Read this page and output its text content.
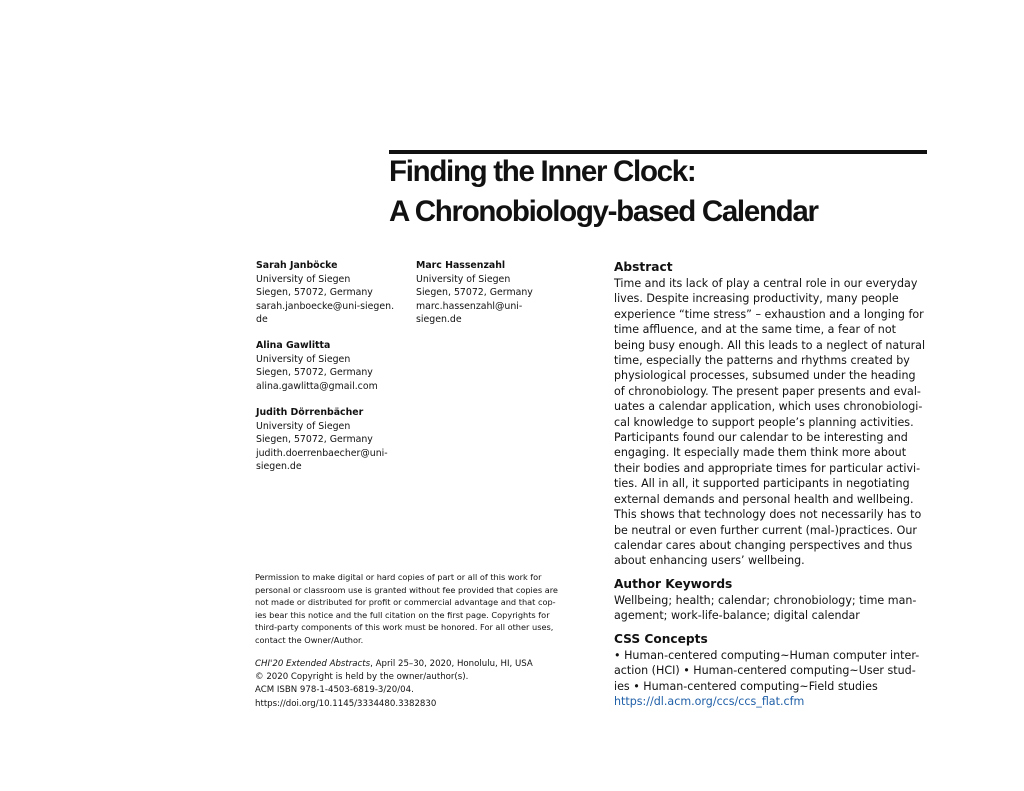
Finding the Inner Clock:
A Chronobiology-based Calendar
Sarah Janböcke
University of Siegen
Siegen, 57072, Germany
sarah.janboecke@uni-siegen.
de
Marc Hassenzahl
University of Siegen
Siegen, 57072, Germany
marc.hassenzahl@uni-
siegen.de
Alina Gawlitta
University of Siegen
Siegen, 57072, Germany
alina.gawlitta@gmail.com
Judith Dörrenbächer
University of Siegen
Siegen, 57072, Germany
judith.doerrenbaecher@uni-
siegen.de
Permission to make digital or hard copies of part or all of this work for
personal or classroom use is granted without fee provided that copies are
not made or distributed for profit or commercial advantage and that cop-
ies bear this notice and the full citation on the first page. Copyrights for
third-party components of this work must be honored. For all other uses,
contact the Owner/Author.
CHI'20 Extended Abstracts, April 25–30, 2020, Honolulu, HI, USA
© 2020 Copyright is held by the owner/author(s).
ACM ISBN 978-1-4503-6819-3/20/04.
https://doi.org/10.1145/3334480.3382830
Abstract
Time and its lack of play a central role in our everyday
lives. Despite increasing productivity, many people
experience “time stress” – exhaustion and a longing for
time affluence, and at the same time, a fear of not
being busy enough. All this leads to a neglect of natural
time, especially the patterns and rhythms created by
physiological processes, subsumed under the heading
of chronobiology. The present paper presents and eval-
uates a calendar application, which uses chronobiologi-
cal knowledge to support people’s planning activities.
Participants found our calendar to be interesting and
engaging. It especially made them think more about
their bodies and appropriate times for particular activi-
ties. All in all, it supported participants in negotiating
external demands and personal health and wellbeing.
This shows that technology does not necessarily has to
be neutral or even further current (mal-)practices. Our
calendar cares about changing perspectives and thus
about enhancing users’ wellbeing.
Author Keywords
Wellbeing; health; calendar; chronobiology; time man-
agement; work-life-balance; digital calendar
CSS Concepts
• Human-centered computing~Human computer inter-
action (HCI) • Human-centered computing~User stud-
ies • Human-centered computing~Field studies
https://dl.acm.org/ccs/ccs_flat.cfm
